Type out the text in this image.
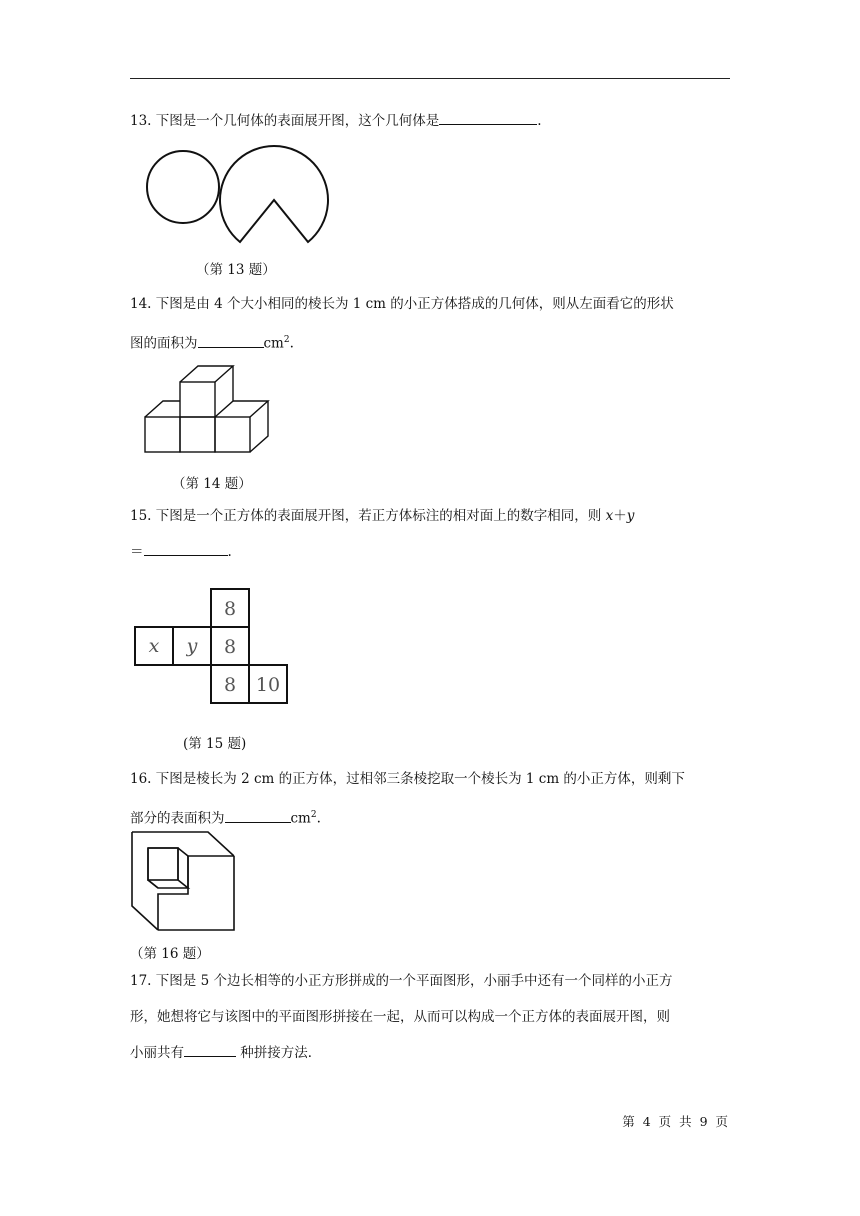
13. 下图是一个几何体的表面展开图，这个几何体是	.

（第 13 题）

14. 下图是由 4 个大小相同的棱长为 1 cm 的小正方体搭成的几何体，则从左面看它的形状
图的面积为	$cm^2$.

（第 14 题）

15. 下图是一个正方体的表面展开图，若正方体标注的相对面上的数字相同，则 x＋y
＝	.

8
x y 8
8 10

(第 15 题)

16. 下图是棱长为 2 cm 的正方体，过相邻三条棱挖取一个棱长为 1 cm 的小正方体，则剩下
部分的表面积为	$cm^2$.

（第 16 题）

17. 下图是 5 个边长相等的小正方形拼成的一个平面图形，小丽手中还有一个同样的小正方
形，她想将它与该图中的平面图形拼接在一起，从而可以构成一个正方体的表面展开图，则
小丽共有	种拼接方法．

第 4 页 共 9 页
